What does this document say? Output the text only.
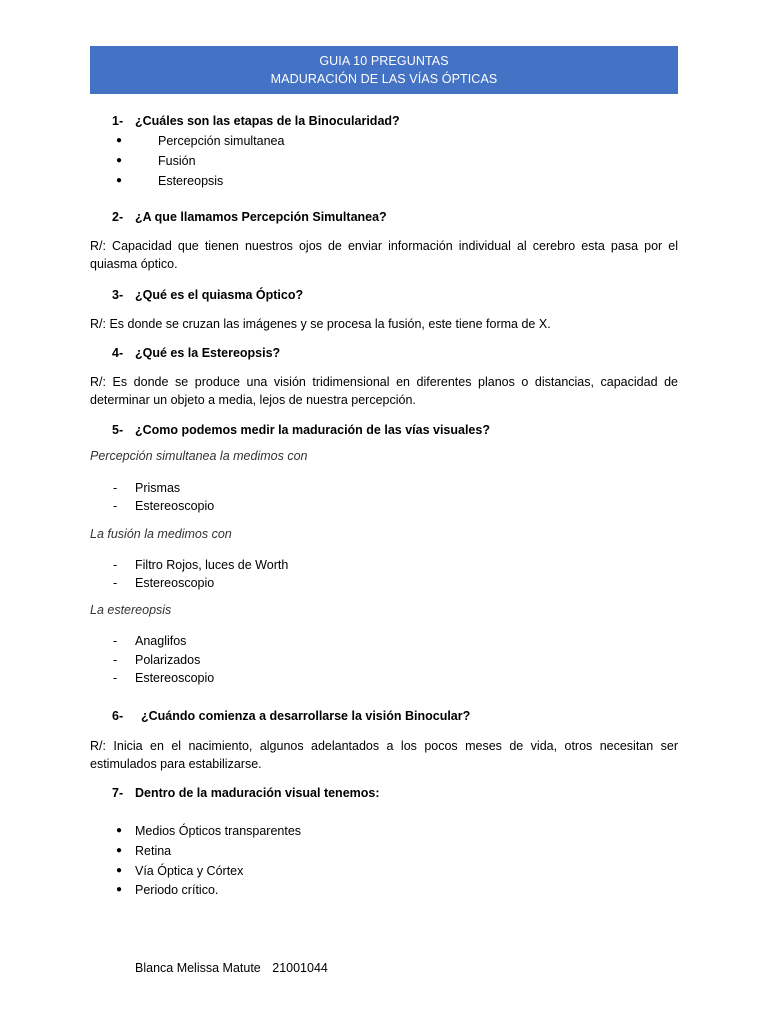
GUIA 10 PREGUNTAS
MADURACIÓN DE LAS VÍAS ÓPTICAS
1- ¿Cuáles son las etapas de la Binocularidad?
●	Percepción simultanea
●	Fusión
●	Estereopsis
2- ¿A que llamamos Percepción Simultanea?
R/: Capacidad que tienen nuestros ojos de enviar información individual al cerebro esta pasa por el quiasma óptico.
3- ¿Qué es el quiasma Óptico?
R/: Es donde se cruzan las imágenes y se procesa la fusión, este tiene forma de X.
4- ¿Qué es la Estereopsis?
R/: Es donde se produce una visión tridimensional en diferentes planos o distancias, capacidad de determinar un objeto a media, lejos de nuestra percepción.
5- ¿Como podemos medir la maduración de las vías visuales?
Percepción simultanea la medimos con
- Prismas
- Estereoscopio
La fusión la medimos con
- Filtro Rojos, luces de Worth
- Estereoscopio
La estereopsis
- Anaglifos
- Polarizados
- Estereoscopio
6- ¿Cuándo comienza a desarrollarse la visión Binocular?
R/: Inicia en el nacimiento, algunos adelantados a los pocos meses de vida, otros necesitan ser estimulados para estabilizarse.
7- Dentro de la maduración visual tenemos:
● Medios Ópticos transparentes
● Retina
● Vía Óptica y Córtex
● Periodo crítico.
Blanca Melissa Matute 21001044
